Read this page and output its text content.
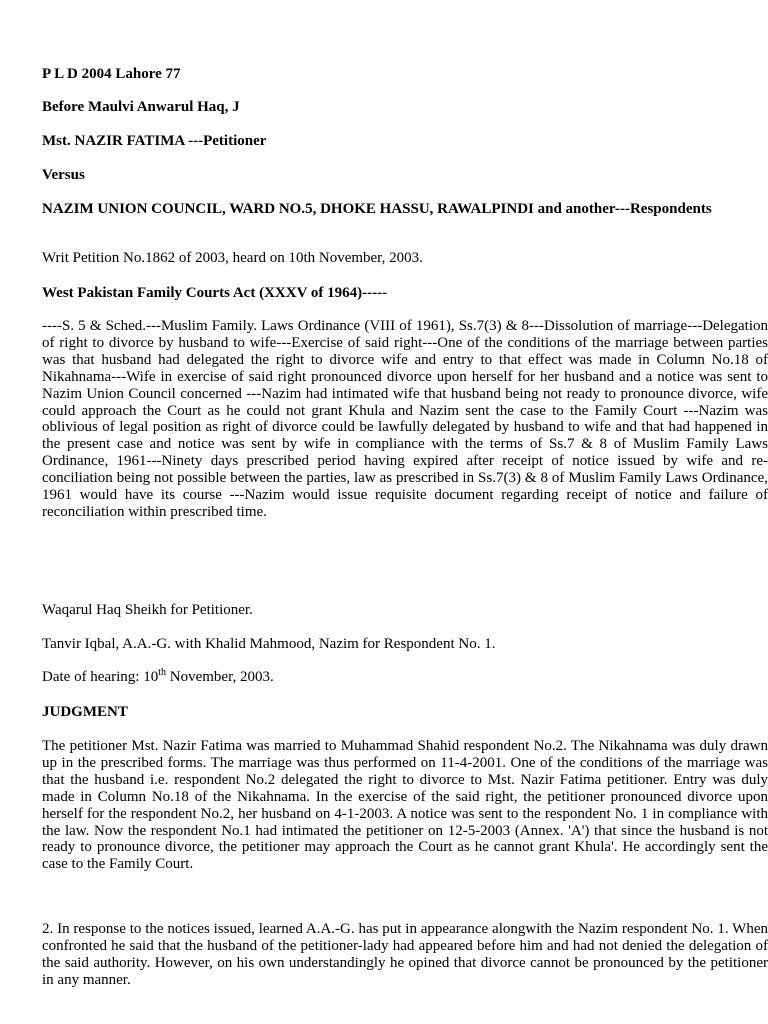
P L D 2004 Lahore 77

Before Maulvi Anwarul Haq, J

Mst. NAZIR FATIMA ---Petitioner

Versus

NAZIM UNION COUNCIL, WARD NO.5, DHOKE HASSU, RAWALPINDI and another---Respondents

Writ Petition No.1862 of 2003, heard on 10th November, 2003.

West Pakistan Family Courts Act (XXXV of 1964)-----

----S. 5 & Sched.---Muslim Family. Laws Ordinance (VIII of 1961), Ss.7(3) & 8---Dissolution of marriage---Delegation of right to divorce by husband to wife---Exercise of said right---One of the conditions of the marriage between parties was that husband had delegated the right to divorce wife and entry to that effect was made in Column No.18 of Nikahnama---Wife in exercise of said right pronounced divorce upon herself for her husband and a notice was sent to Nazim Union Council concerned ---Nazim had intimated wife that husband being not ready to pronounce divorce, wife could approach the Court as he could not grant Khula and Nazim sent the case to the Family Court ---Nazim was oblivious of legal position as right of divorce could be lawfully delegated by husband to wife and that had happened in the present case and notice was sent by wife in compliance with the terms of Ss.7 & 8 of Muslim Family Laws Ordinance, 1961---Ninety days prescribed period having expired after receipt of notice issued by wife and re-conciliation being not possible between the parties, law as prescribed in Ss.7(3) & 8 of Muslim Family Laws Ordinance, 1961 would have its course ---Nazim would issue requisite document regarding receipt of notice and failure of reconciliation within prescribed time.

Waqarul Haq Sheikh for Petitioner.

Tanvir Iqbal, A.A.-G. with Khalid Mahmood, Nazim for Respondent No. 1.

Date of hearing: 10th November, 2003.

JUDGMENT

The petitioner Mst. Nazir Fatima was married to Muhammad Shahid respondent No.2. The Nikahnama was duly drawn up in the prescribed forms. The marriage was thus performed on 11-4-2001. One of the conditions of the marriage was that the husband i.e. respondent No.2 delegated the right to divorce to Mst. Nazir Fatima petitioner. Entry was duly made in Column No.18 of the Nikahnama. In the exercise of the said right, the petitioner pronounced divorce upon herself for the respondent No.2, her husband on 4-1-2003. A notice was sent to the respondent No. 1 in compliance with the law. Now the respondent No.1 had intimated the petitioner on 12-5-2003 (Annex. 'A') that since the husband is not ready to pronounce divorce, the petitioner may approach the Court as he cannot grant Khula'. He accordingly sent the case to the Family Court.

2. In response to the notices issued, learned A.A.-G. has put in appearance alongwith the Nazim respondent No. 1. When confronted he said that the husband of the petitioner-lady had appeared before him and had not denied the delegation of the said authority. However, on his own understandingly he opined that divorce cannot be pronounced by the petitioner in any manner.
